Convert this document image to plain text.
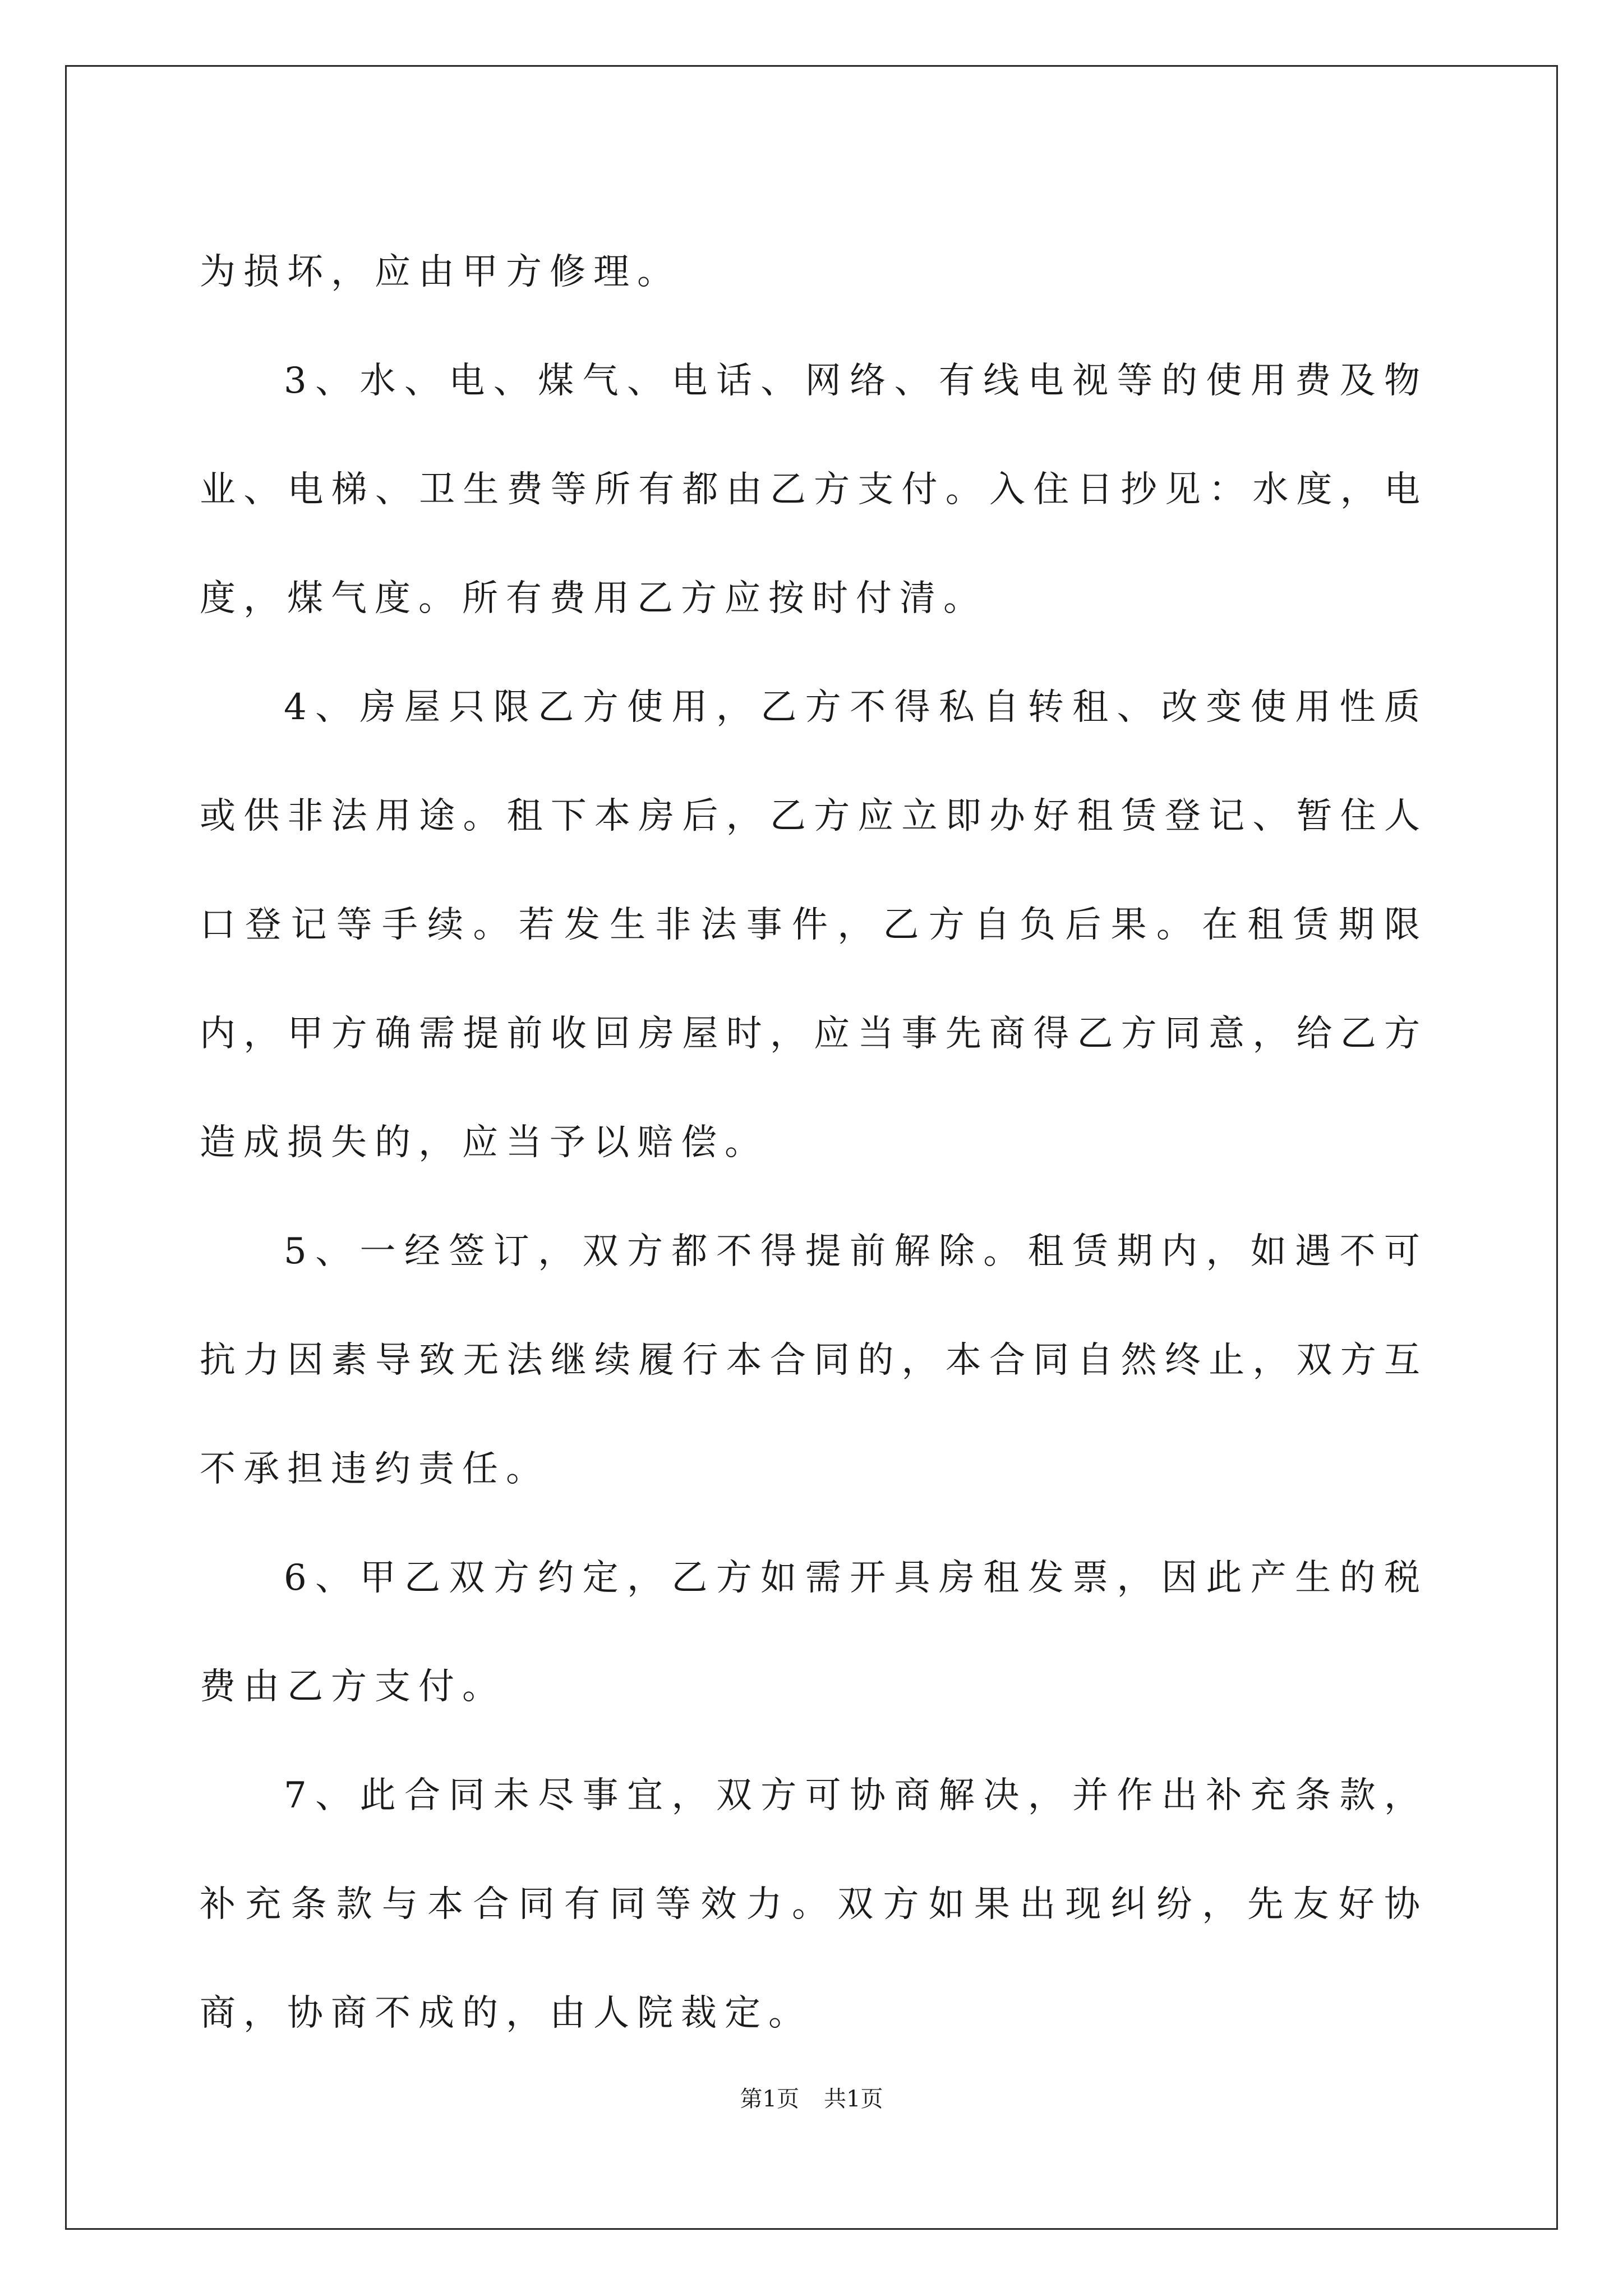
为损坏，应由甲方修理。

3、水、电、煤气、电话、网络、有线电视等的使用费及物业、电梯、卫生费等所有都由乙方支付。入住日抄见：水度，电度，煤气度。所有费用乙方应按时付清。

4、房屋只限乙方使用，乙方不得私自转租、改变使用性质或供非法用途。租下本房后，乙方应立即办好租赁登记、暂住人口登记等手续。若发生非法事件，乙方自负后果。在租赁期限内，甲方确需提前收回房屋时，应当事先商得乙方同意，给乙方造成损失的，应当予以赔偿。

5、一经签订，双方都不得提前解除。租赁期内，如遇不可抗力因素导致无法继续履行本合同的，本合同自然终止，双方互不承担违约责任。

6、甲乙双方约定，乙方如需开具房租发票，因此产生的税费由乙方支付。

7、此合同未尽事宜，双方可协商解决，并作出补充条款，补充条款与本合同有同等效力。双方如果出现纠纷，先友好协商，协商不成的，由人院裁定。

第1页 共1页
